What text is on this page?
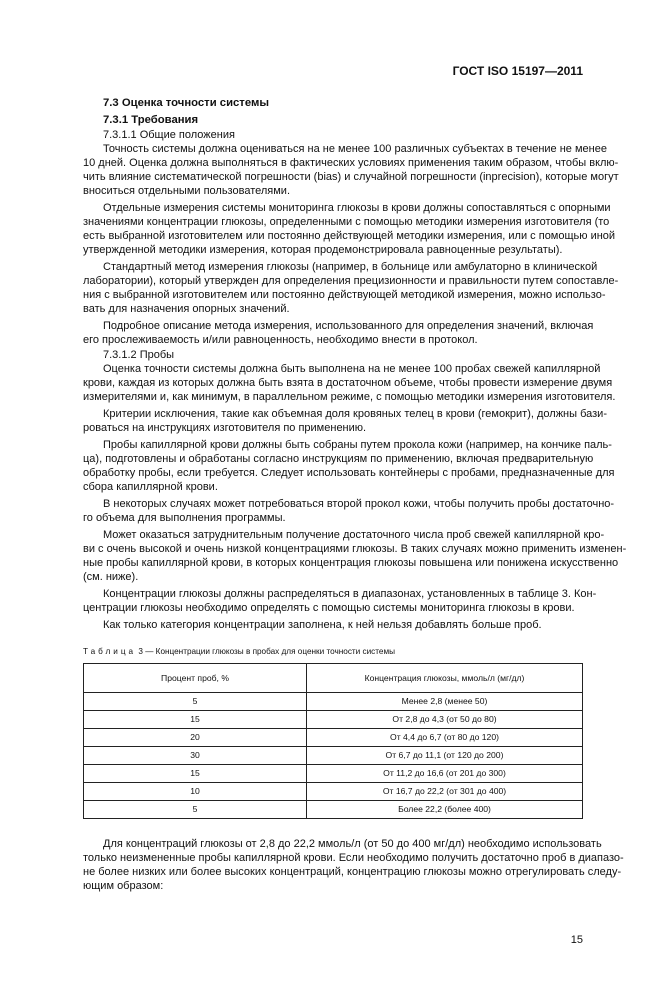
ГОСТ ISO 15197—2011
7.3 Оценка точности системы
7.3.1 Требования
7.3.1.1 Общие положения
Точность системы должна оцениваться на не менее 100 различных субъектах в течение не менее
10 дней. Оценка должна выполняться в фактических условиях применения таким образом, чтобы вклю-
чить влияние систематической погрешности (bias) и случайной погрешности (inprecision), которые могут
вноситься отдельными пользователями.
Отдельные измерения системы мониторинга глюкозы в крови должны сопоставляться с опорными
значениями концентрации глюкозы, определенными с помощью методики измерения изготовителя (то
есть выбранной изготовителем или постоянно действующей методики измерения, или с помощью иной
утвержденной методики измерения, которая продемонстрировала равноценные результаты).
Стандартный метод измерения глюкозы (например, в больнице или амбулаторно в клинической
лаборатории), который утвержден для определения прецизионности и правильности путем сопоставле-
ния с выбранной изготовителем или постоянно действующей методикой измерения, можно использо-
вать для назначения опорных значений.
Подробное описание метода измерения, использованного для определения значений, включая
его прослеживаемость и/или равноценность, необходимо внести в протокол.
7.3.1.2 Пробы
Оценка точности системы должна быть выполнена на не менее 100 пробах свежей капиллярной
крови, каждая из которых должна быть взята в достаточном объеме, чтобы провести измерение двумя
измерителями и, как минимум, в параллельном режиме, с помощью методики измерения изготовителя.
Критерии исключения, такие как объемная доля кровяных телец в крови (гемокрит), должны бази-
роваться на инструкциях изготовителя по применению.
Пробы капиллярной крови должны быть собраны путем прокола кожи (например, на кончике паль-
ца), подготовлены и обработаны согласно инструкциям по применению, включая предварительную
обработку пробы, если требуется. Следует использовать контейнеры с пробами, предназначенные для
сбора капиллярной крови.
В некоторых случаях может потребоваться второй прокол кожи, чтобы получить пробы достаточно-
го объема для выполнения программы.
Может оказаться затруднительным получение достаточного числа проб свежей капиллярной кро-
ви с очень высокой и очень низкой концентрациями глюкозы. В таких случаях можно применить изменен-
ные пробы капиллярной крови, в которых концентрация глюкозы повышена или понижена искусственно
(см. ниже).
Концентрации глюкозы должны распределяться в диапазонах, установленных в таблице 3. Кон-
центрации глюкозы необходимо определять с помощью системы мониторинга глюкозы в крови.
Как только категория концентрации заполнена, к ней нельзя добавлять больше проб.
Таблица 3 — Концентрации глюкозы в пробах для оценки точности системы
Процент проб, %	Концентрация глюкозы, ммоль/л (мг/дл)
5	Менее 2,8 (менее 50)
15	От 2,8 до 4,3 (от 50 до 80)
20	От 4,4 до 6,7 (от 80 до 120)
30	От 6,7 до 11,1 (от 120 до 200)
15	От 11,2 до 16,6 (от 201 до 300)
10	От 16,7 до 22,2 (от 301 до 400)
5	Более 22,2 (более 400)
Для концентраций глюкозы от 2,8 до 22,2 ммоль/л (от 50 до 400 мг/дл) необходимо использовать
только неизмененные пробы капиллярной крови. Если необходимо получить достаточно проб в диапазо-
не более низких или более высоких концентраций, концентрацию глюкозы можно отрегулировать следу-
ющим образом:
15
